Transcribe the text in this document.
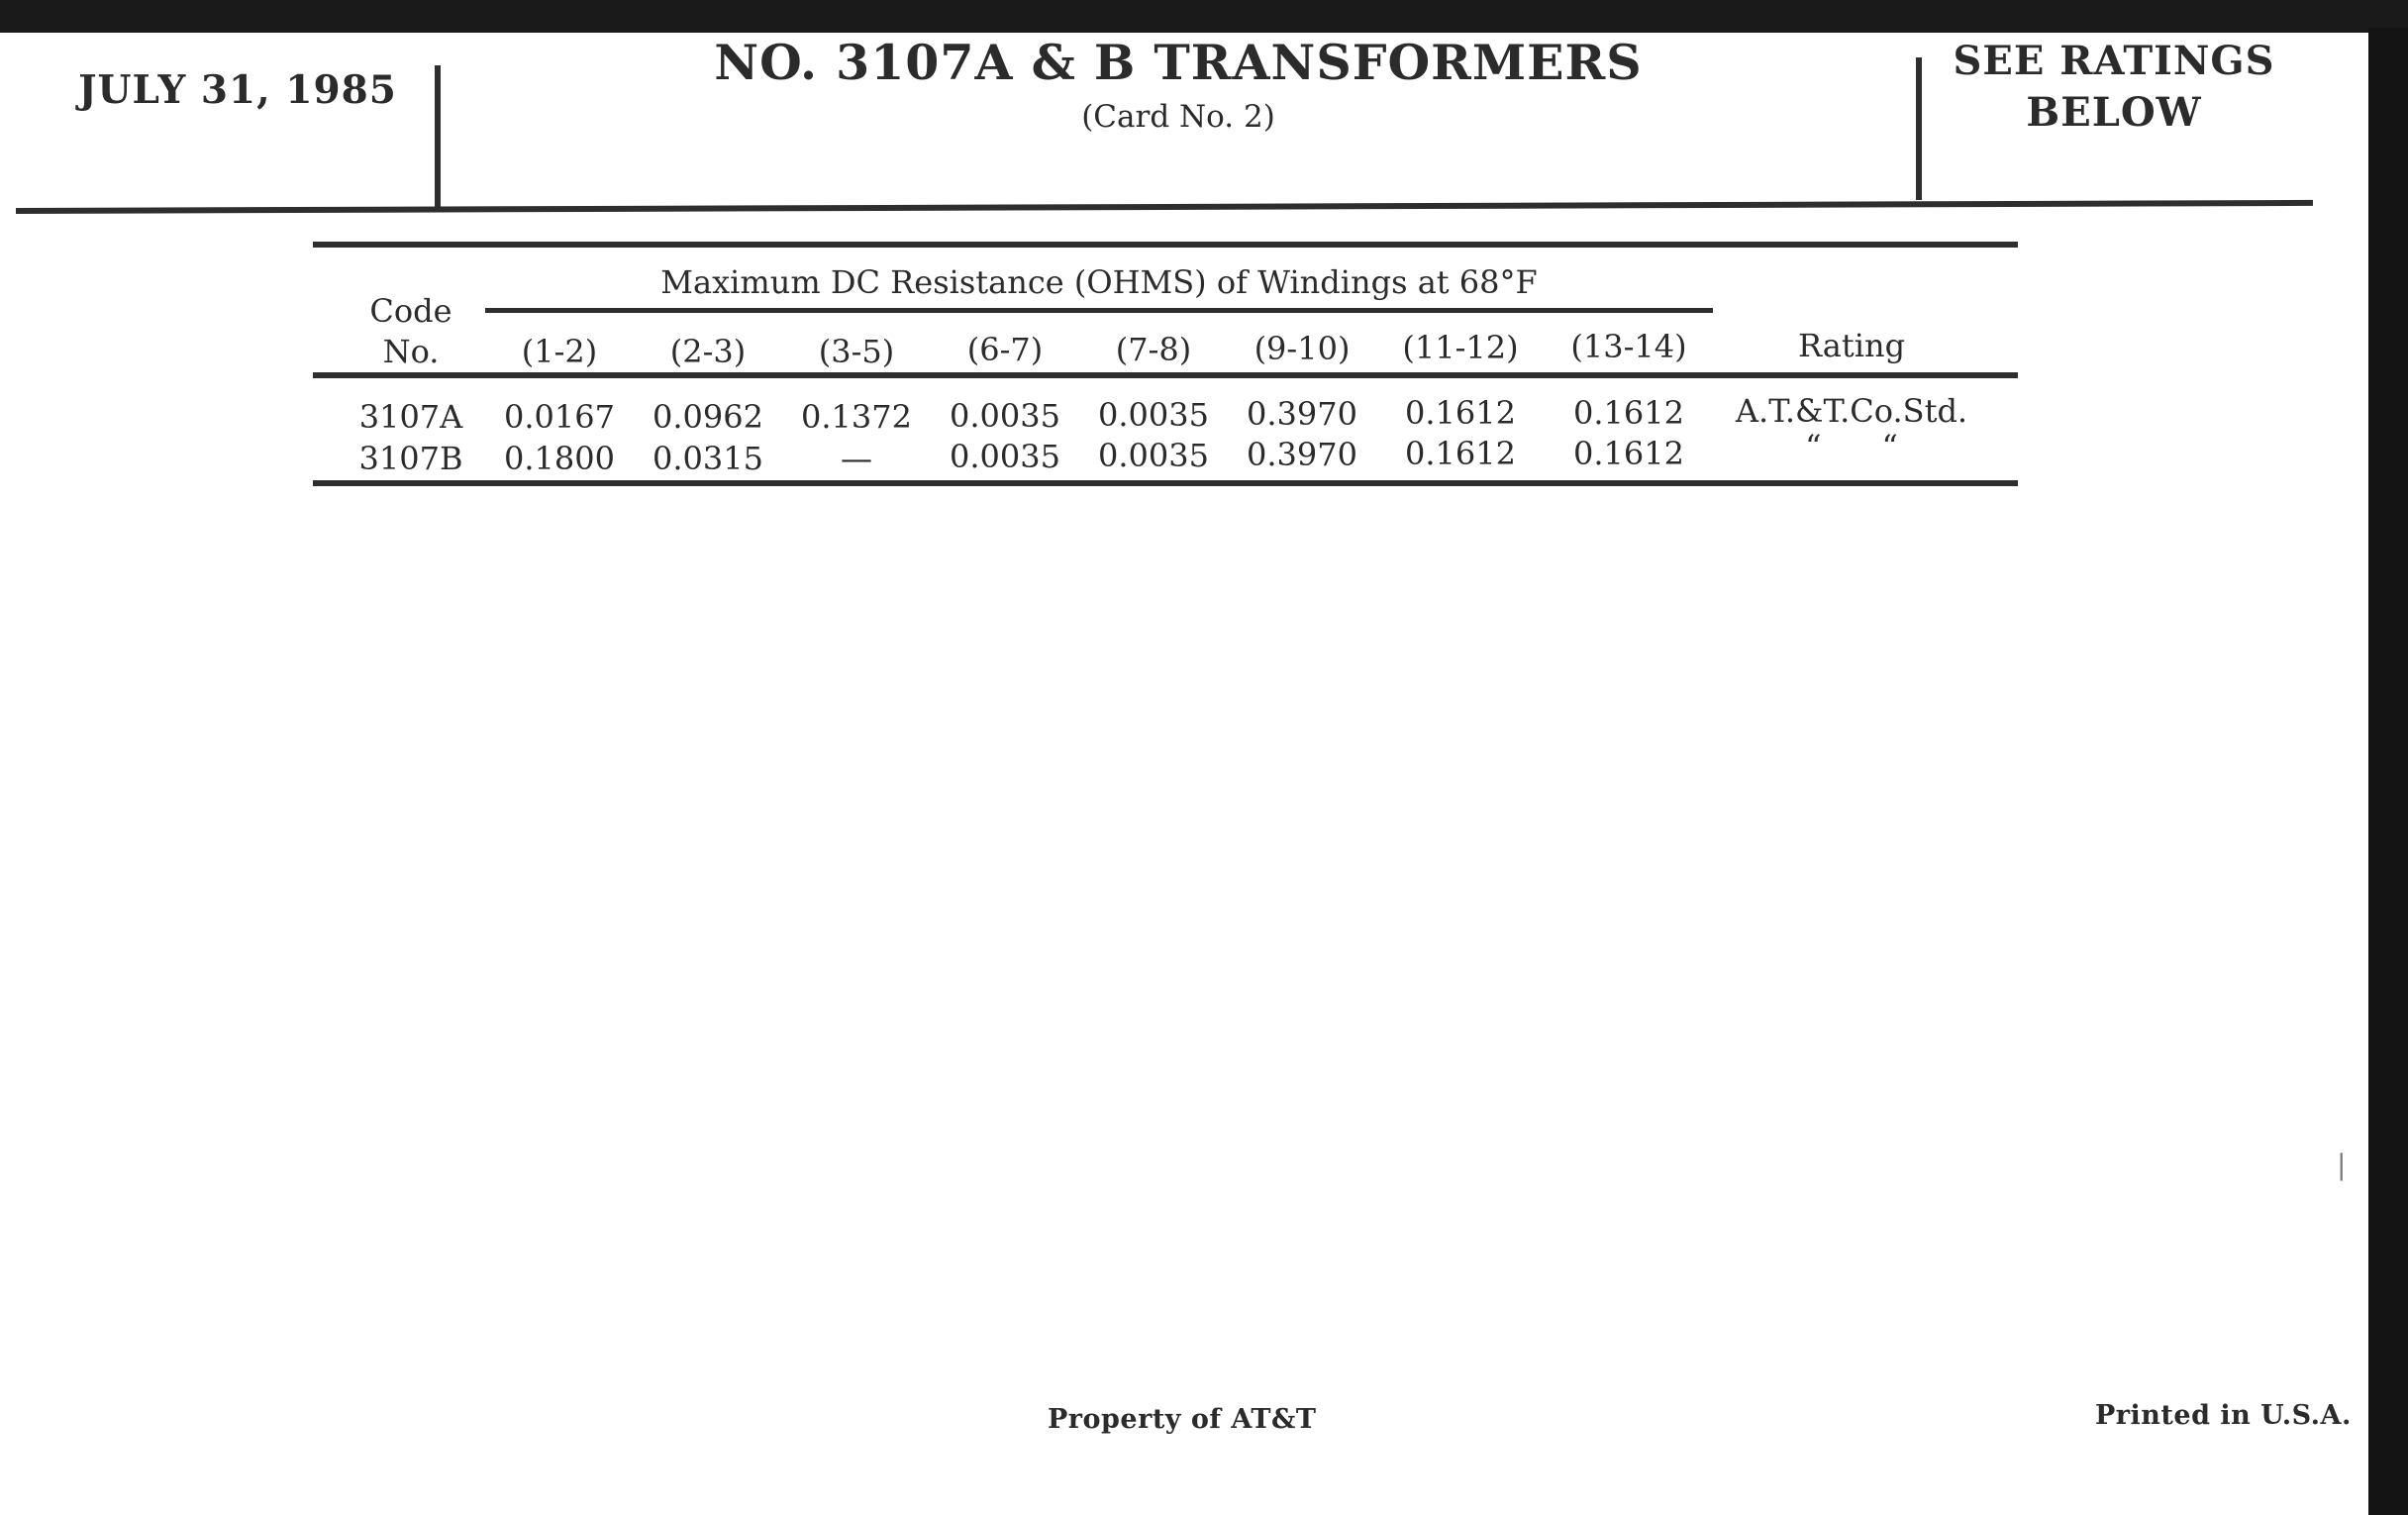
JULY 31, 1985	NO. 3107A & B TRANSFORMERS
(Card No. 2)
SEE RATINGS
BELOW
Code
No.
Maximum DC Resistance (OHMS) of Windings at 68°F
(1-2)	(2-3)	(3-5)	(6-7)	(7-8)	(9-10)	(11-12)	(13-14)	Rating
3107A 0.0167 0.0962 0.1372 0.0035 0.0035 0.3970 0.1612 0.1612	A.T.&T.Co.Std.
3107B 0.1800 0.0315	—	0.0035 0.0035 0.3970 0.1612 0.1612	“      “
Property of AT&T	Printed in U.S.A.
|
